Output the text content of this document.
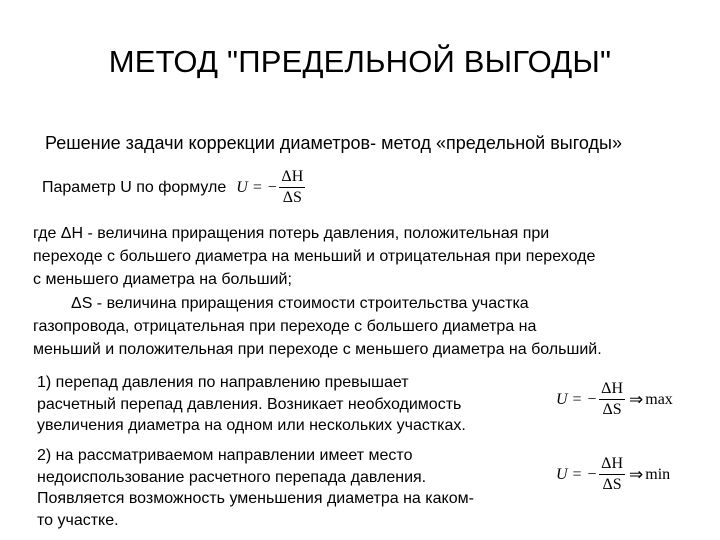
МЕТОД "ПРЕДЕЛЬНОЙ ВЫГОДЫ"
Решение задачи коррекции диаметров- метод «предельной выгоды»
Параметр U по формуле U = − $\frac{\Delta H}{\Delta S}$

где ΔH - величина приращения потерь давления, положительная при

переходе с большего диаметра на меньший и отрицательная при переходе

с меньшего диаметра на больший;

ΔS - величина приращения стоимости строительства участка

газопровода, отрицательная при переходе с большего диаметра на

меньший и положительная при переходе с меньшего диаметра на больший.

1) перепад давления по направлению превышает

расчетный перепад давления. Возникает необходимость

увеличения диаметра на одном или нескольких участках.

U = − $\frac{\Delta H}{\Delta S}$ ⇒ max

2) на рассматриваемом направлении имеет место

недоиспользование расчетного перепада давления.

Появляется возможность уменьшения диаметра на каком-

то участке.

U = − $\frac{\Delta H}{\Delta S}$ ⇒ min
